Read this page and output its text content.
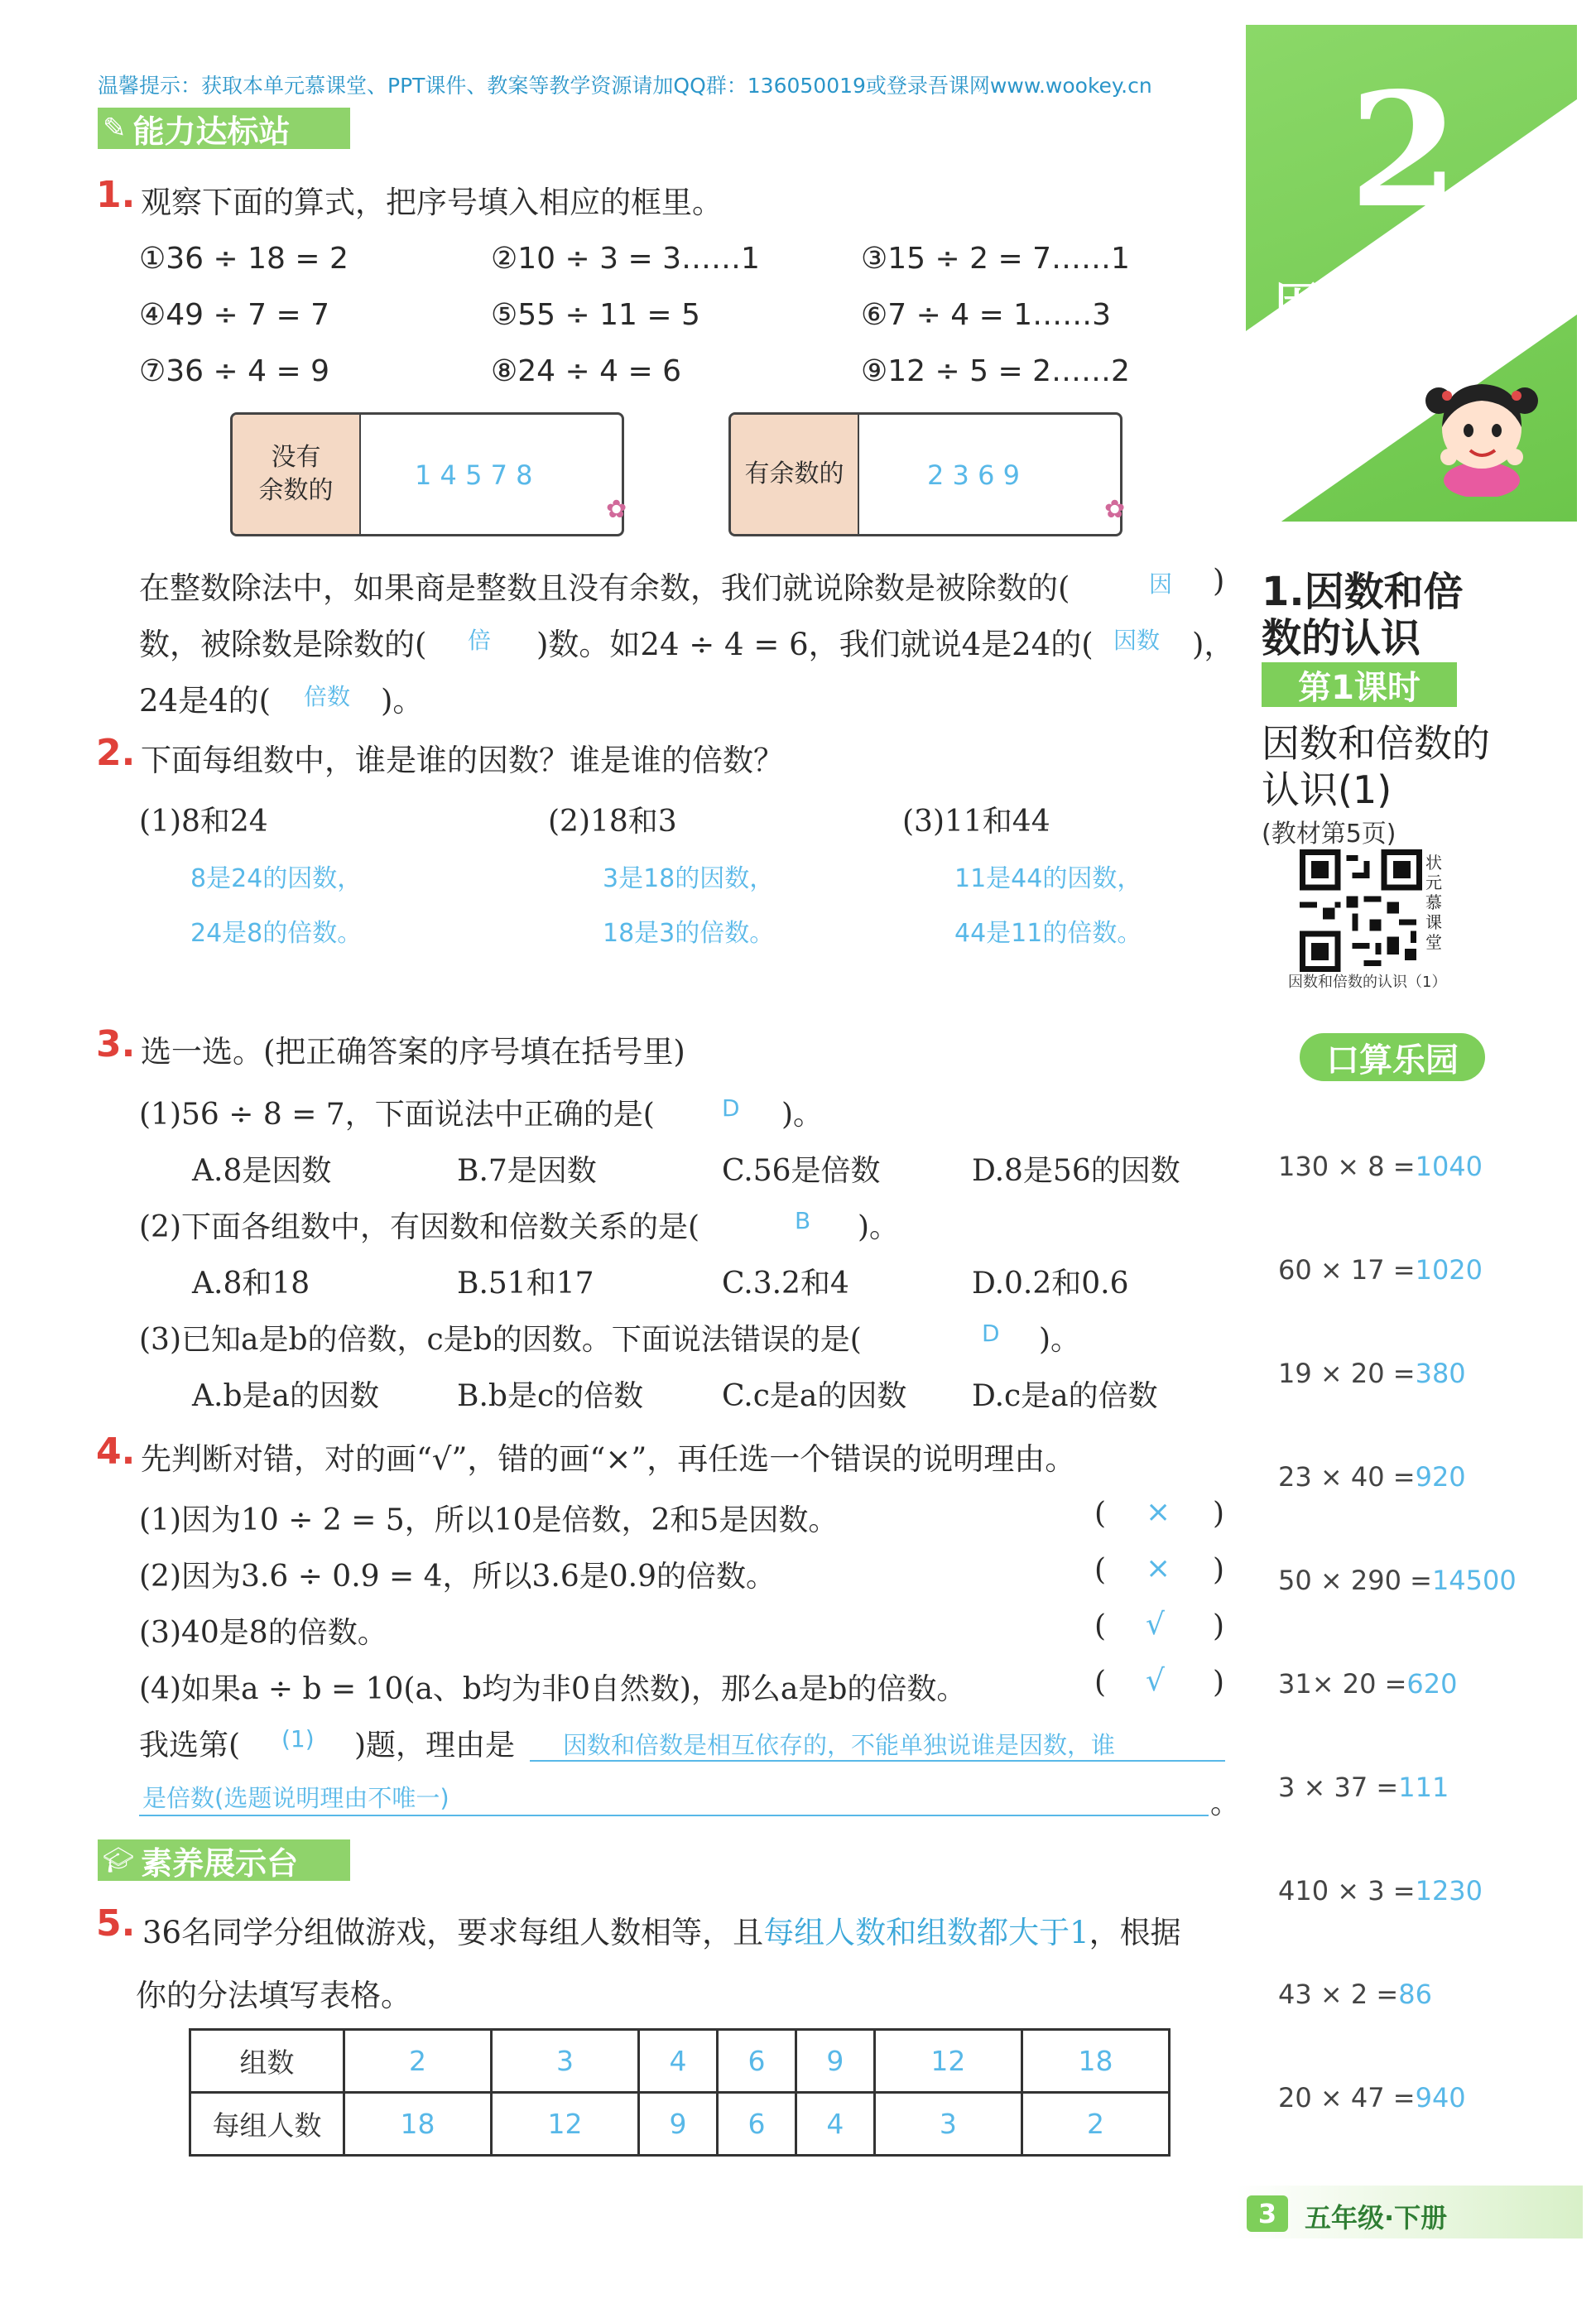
温馨提示：获取本单元慕课堂、PPT课件、教案等教学资源请加QQ群：136050019或登录吾课网www.wookey.cn
✎ 能力达标站
1. 观察下面的算式，把序号填入相应的框里。
①36 ÷ 18 = 2	②10 ÷ 3 = 3……1	③15 ÷ 2 = 7……1
④49 ÷ 7 = 7	⑤55 ÷ 11 = 5	⑥7 ÷ 4 = 1……3
⑦36 ÷ 4 = 9	⑧24 ÷ 4 = 6	⑨12 ÷ 5 = 2……2
没有
余数的	1 4 5 7 8
✿
有余数的	2 3 6 9
✿
在整数除法中，如果商是整数且没有余数，我们就说除数是被除数的(	因 )
数，被除数是除数的( 倍 )数。如24 ÷ 4 = 6，我们就说4是24的( 因数 )，
24是4的( 倍数 )。
2. 下面每组数中，谁是谁的因数？谁是谁的倍数？
(1)8和24	(2)18和3	(3)11和44
8是24的因数，
24是8的倍数。
3是18的因数，
18是3的倍数。
11是44的因数，
44是11的倍数。
3. 选一选。(把正确答案的序号填在括号里)
(1)56 ÷ 8 = 7，下面说法中正确的是(	D )。
A.8是因数	B.7是因数	C.56是倍数	D.8是56的因数
(2)下面各组数中，有因数和倍数关系的是(	B )。
A.8和18	B.51和17	C.3.2和4	D.0.2和0.6
(3)已知a是b的倍数，c是b的因数。下面说法错误的是(	D )。
A.b是a的因数	B.b是c的倍数	C.c是a的因数 D.c是a的倍数
4. 先判断对错，对的画“√”，错的画“×”，再任选一个错误的说明理由。
(1)因为10 ÷ 2 = 5，所以10是倍数，2和5是因数。	( × )
(2)因为3.6 ÷ 0.9 = 4，所以3.6是0.9的倍数。	( × )
(3)40是8的倍数。	( √ )
(4)如果a ÷ b = 10(a、b均为非0自然数)，那么a是b的倍数。	( √ )
我选第( (1) )题，理由是 因数和倍数是相互依存的，不能单独说谁是因数，谁
是倍数(选题说明理由不唯一)	。
🎓︎ 素养展示台
5. 36名同学分组做游戏，要求每组人数相等，且每组人数和组数都大于1，根据
你的分法填写表格。
组数	2	3	4	6	9	12	18
每组人数	18	12	9	6	4	3	2
2
因数和倍数
1.因数和倍
数的认识
第1课时
因数和倍数的
认识(1)
(教材第5页)
状元慕课堂
因数和倍数的认识（1）
口算乐园
130 × 8 =1040
60 × 17 =1020
19 × 20 =380
23 × 40 =920
50 × 290 =14500
31× 20 =620
3 × 37 =111
410 × 3 =1230
43 × 2 =86
20 × 47 =940
3	五年级·下册
